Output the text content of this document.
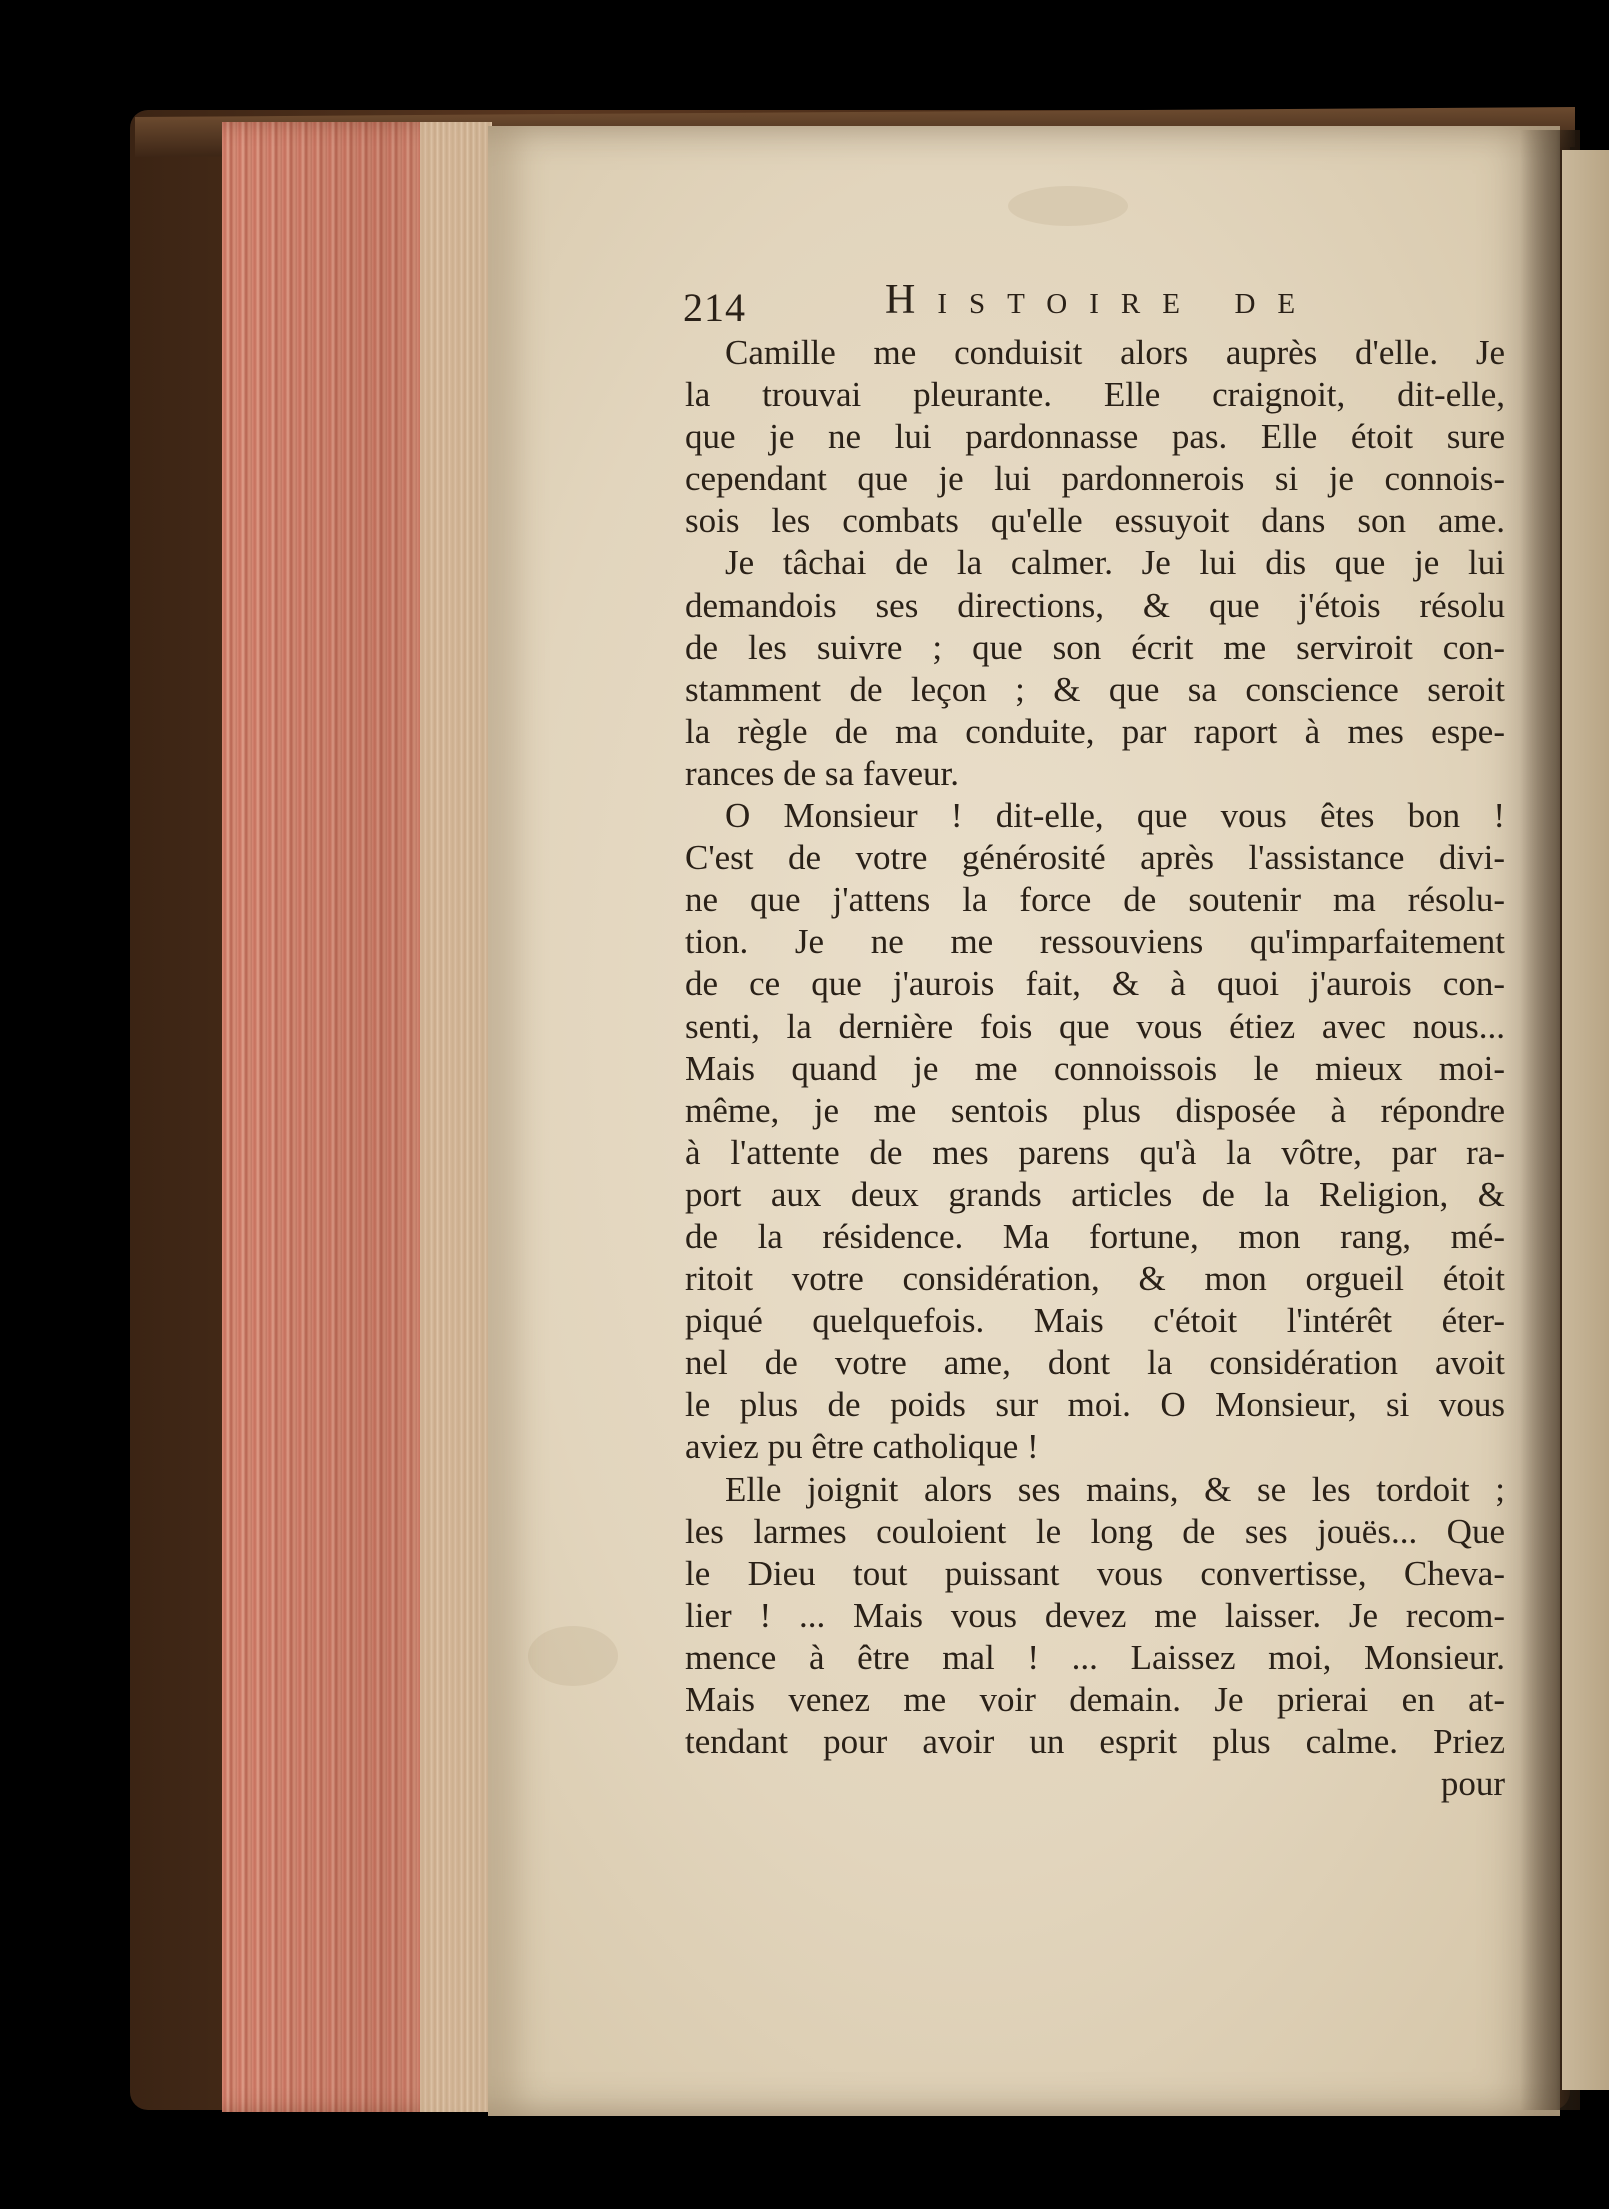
214	Histoire de
Camille me conduisit alors auprès d'elle. Je
la trouvai pleurante. Elle craignoit, dit-elle,
que je ne lui pardonnasse pas. Elle étoit sure
cependant que je lui pardonnerois si je connois-
sois les combats qu'elle essuyoit dans son ame.
Je tâchai de la calmer. Je lui dis que je lui
demandois ses directions, & que j'étois résolu
de les suivre ; que son écrit me serviroit con-
stamment de leçon ; & que sa conscience seroit
la règle de ma conduite, par raport à mes espe-
rances de sa faveur.
O Monsieur ! dit-elle, que vous êtes bon !
C'est de votre générosité après l'assistance divi-
ne que j'attens la force de soutenir ma résolu-
tion. Je ne me ressouviens qu'imparfaitement
de ce que j'aurois fait, & à quoi j'aurois con-
senti, la dernière fois que vous étiez avec nous...
Mais quand je me connoissois le mieux moi-
même, je me sentois plus disposée à répondre
à l'attente de mes parens qu'à la vôtre, par ra-
port aux deux grands articles de la Religion, &
de la résidence. Ma fortune, mon rang, mé-
ritoit votre considération, & mon orgueil étoit
piqué quelquefois. Mais c'étoit l'intérêt éter-
nel de votre ame, dont la considération avoit
le plus de poids sur moi. O Monsieur, si vous
aviez pu être catholique !
Elle joignit alors ses mains, & se les tordoit ;
les larmes couloient le long de ses jouës... Que
le Dieu tout puissant vous convertisse, Cheva-
lier ! ... Mais vous devez me laisser. Je recom-
mence à être mal ! ... Laissez moi, Monsieur.
Mais venez me voir demain. Je prierai en at-
tendant pour avoir un esprit plus calme. Priez
pour
